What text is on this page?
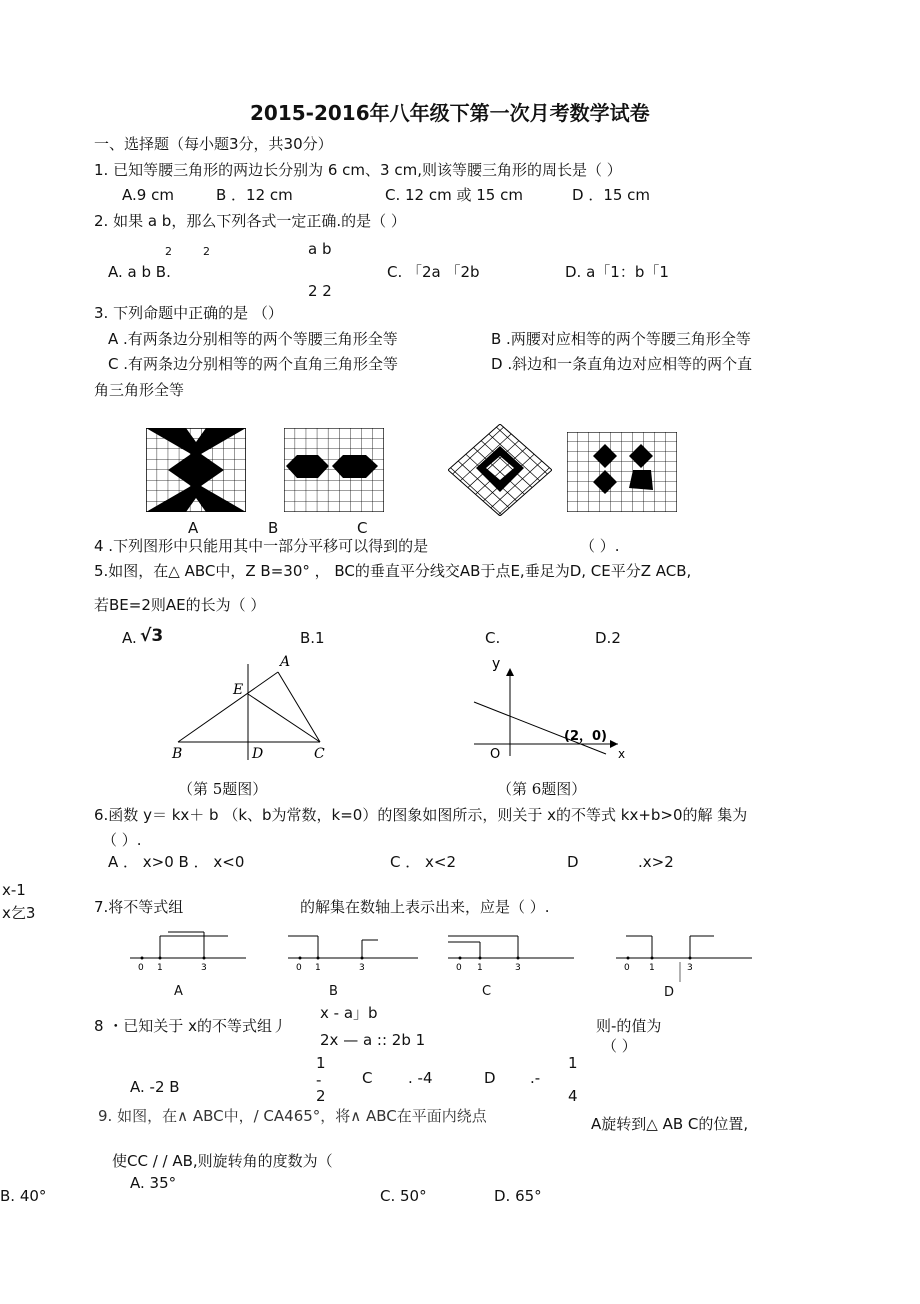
2015-2016年八年级下第一次月考数学试卷
一、选择题（每小题3分，共30分）
1. 已知等腰三角形的两边长分别为 6 cm、3 cm,则该等腰三角形的周长是（ ）
A.9 cm	B ．12 cm	C. 12 cm 或 15 cm	D ．15 cm
2. 如果 a b，那么下列各式一定正确.的是（ ）
2	2	a b
A. a b B.	C. 「2a 「2b	D. a「1：b「1
2 2
3. 下列命题中正确的是 （）
A .有两条边分别相等的两个等腰三角形全等	B .两腰对应相等的两个等腰三角形全等
C .有两条边分别相等的两个直角三角形全等	D .斜边和一条直角边对应相等的两个直
角三角形全等
A	B	C
4 .下列图形中只能用其中一部分平移可以得到的是	（ ）.
5.如图，在△ ABC中，Z B=30° ， BC的垂直平分线交AB于点E,垂足为D, CE平分Z ACB,
若BE=2则AE的长为（ ）
A. √3	B.1	C.	D.2
A
E
B	D	C
（第 5题图）
y
x
O
(2，0)
（第 6题图）
6.函数 y＝ kx＋ b （k、b为常数，k=0）的图象如图所示，则关于 x的不等式 kx+b>0的解 集为
（ ）.
A ． x>0 B ． x<0	C ． x<2	D	.x>2
x-1
x乞3	7.将不等式组	的解集在数轴上表示出来，应是（ ）.
0 1	3	0 1	3	0 1	3	0 1	3
A	B	C	D
x - a」b
8 ・已知关于 x的不等式组丿	则-的值为
2x — a :: 2b 1	（ ）
1	1
-	C . -4	D .-
A. -2 B	2	4
9. 如图，在∧ ABC中，/ CA465°，将∧ ABC在平面内绕点	A旋转到△ AB C的位置,
使CC / / AB,则旋转角的度数为（
A. 35°
B. 40°	C. 50°	D. 65°
